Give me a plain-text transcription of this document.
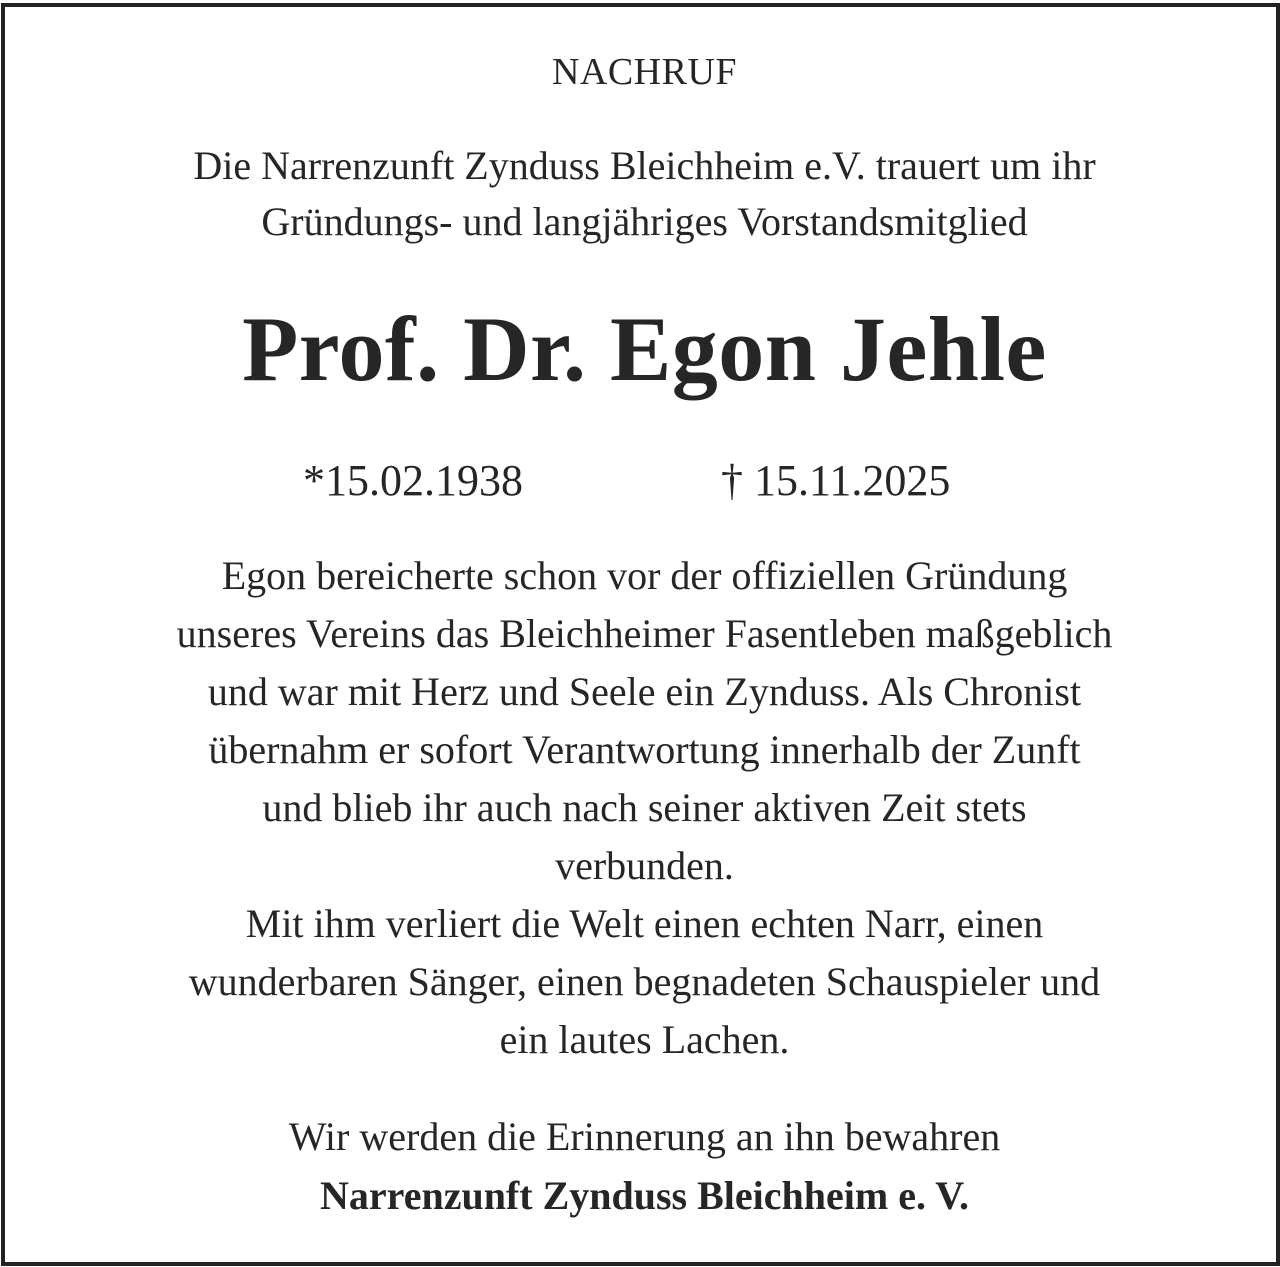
NACHRUF
Die Narrenzunft Zynduss Bleichheim e.V. trauert um ihr
Gründungs- und langjähriges Vorstandsmitglied
Prof. Dr. Egon Jehle
*15.02.1938	† 15.11.2025
Egon bereicherte schon vor der offiziellen Gründung
unseres Vereins das Bleichheimer Fasentleben maßgeblich
und war mit Herz und Seele ein Zynduss. Als Chronist
übernahm er sofort Verantwortung innerhalb der Zunft
und blieb ihr auch nach seiner aktiven Zeit stets
verbunden.
Mit ihm verliert die Welt einen echten Narr, einen
wunderbaren Sänger, einen begnadeten Schauspieler und
ein lautes Lachen.
Wir werden die Erinnerung an ihn bewahren
Narrenzunft Zynduss Bleichheim e. V.
